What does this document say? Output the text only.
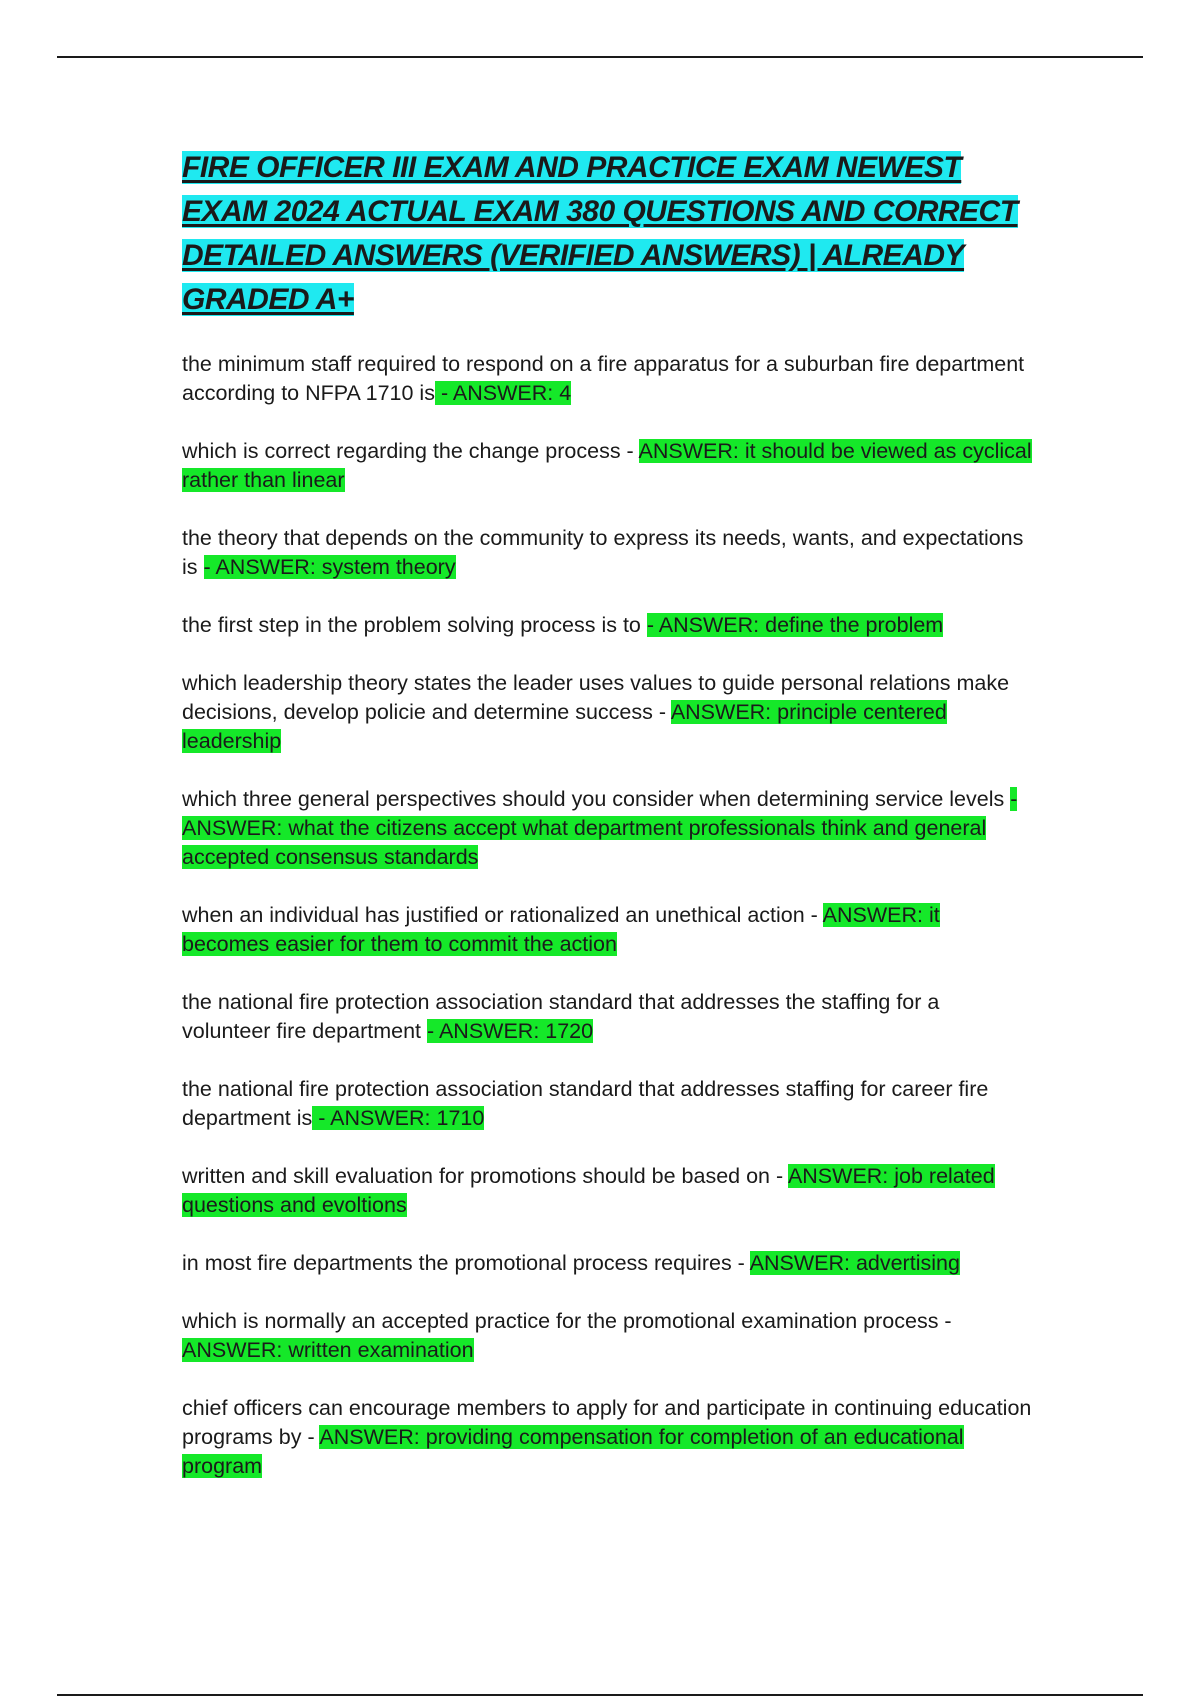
FIRE OFFICER III EXAM AND PRACTICE EXAM NEWEST EXAM 2024 ACTUAL EXAM 380 QUESTIONS AND CORRECT DETAILED ANSWERS (VERIFIED ANSWERS) | ALREADY GRADED A+

the minimum staff required to respond on a fire apparatus for a suburban fire department according to NFPA 1710 is - ANSWER: 4

which is correct regarding the change process - ANSWER: it should be viewed as cyclical rather than linear

the theory that depends on the community to express its needs, wants, and expectations is - ANSWER: system theory

the first step in the problem solving process is to - ANSWER: define the problem

which leadership theory states the leader uses values to guide personal relations make decisions, develop policie and determine success - ANSWER: principle centered leadership

which three general perspectives should you consider when determining service levels - ANSWER: what the citizens accept what department professionals think and general accepted consensus standards

when an individual has justified or rationalized an unethical action - ANSWER: it becomes easier for them to commit the action

the national fire protection association standard that addresses the staffing for a volunteer fire department - ANSWER: 1720

the national fire protection association standard that addresses staffing for career fire department is - ANSWER: 1710

written and skill evaluation for promotions should be based on - ANSWER: job related questions and evoltions

in most fire departments the promotional process requires - ANSWER: advertising

which is normally an accepted practice for the promotional examination process - ANSWER: written examination

chief officers can encourage members to apply for and participate in continuing education programs by - ANSWER: providing compensation for completion of an educational program
